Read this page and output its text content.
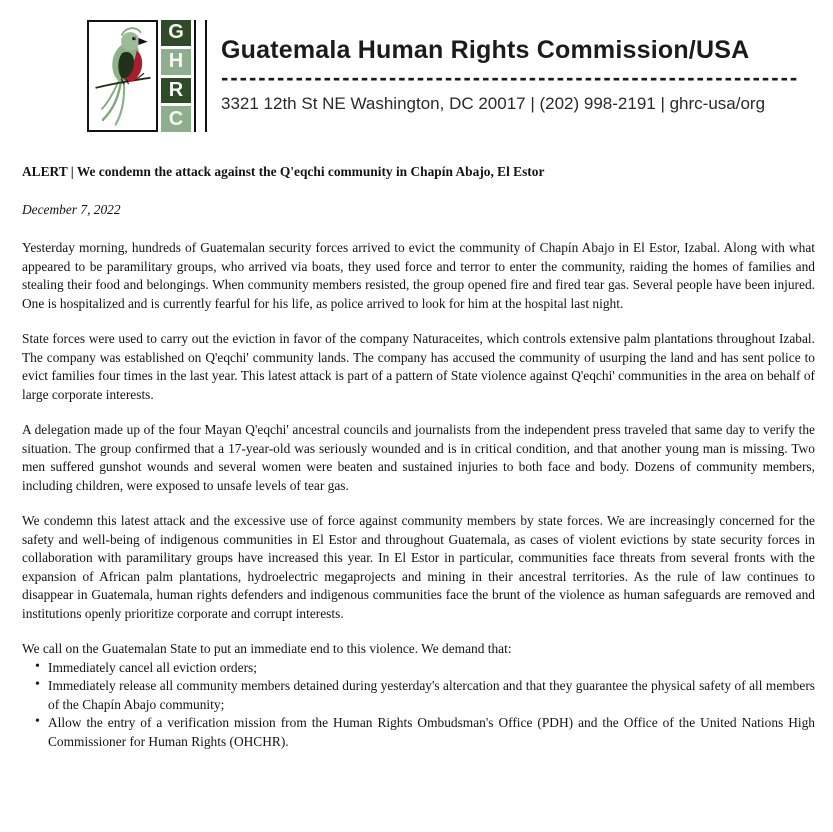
G
H
R
C
Guatemala Human Rights Commission/USA
--------------------------------------------------------------
3321 12th St NE Washington, DC 20017 | (202) 998-2191 | ghrc-usa/org
ALERT | We condemn the attack against the Q'eqchi community in Chapín Abajo, El Estor

December 7, 2022

Yesterday morning, hundreds of Guatemalan security forces arrived to evict the community of Chapín Abajo in El Estor, Izabal. Along with what appeared to be paramilitary groups, who arrived via boats, they used force and terror to enter the community, raiding the homes of families and stealing their food and belongings. When community members resisted, the group opened fire and fired tear gas. Several people have been injured. One is hospitalized and is currently fearful for his life, as police arrived to look for him at the hospital last night.

State forces were used to carry out the eviction in favor of the company Naturaceites, which controls extensive palm plantations throughout Izabal. The company was established on Q'eqchi' community lands. The company has accused the community of usurping the land and has sent police to evict families four times in the last year. This latest attack is part of a pattern of State violence against Q'eqchi' communities in the area on behalf of large corporate interests.

A delegation made up of the four Mayan Q'eqchi' ancestral councils and journalists from the independent press traveled that same day to verify the situation. The group confirmed that a 17-year-old was seriously wounded and is in critical condition, and that another young man is missing. Two men suffered gunshot wounds and several women were beaten and sustained injuries to both face and body. Dozens of community members, including children, were exposed to unsafe levels of tear gas.

We condemn this latest attack and the excessive use of force against community members by state forces. We are increasingly concerned for the safety and well-being of indigenous communities in El Estor and throughout Guatemala, as cases of violent evictions by state security forces in collaboration with paramilitary groups have increased this year. In El Estor in particular, communities face threats from several fronts with the expansion of African palm plantations, hydroelectric megaprojects and mining in their ancestral territories. As the rule of law continues to disappear in Guatemala, human rights defenders and indigenous communities face the brunt of the violence as human safeguards are removed and institutions openly prioritize corporate and corrupt interests.

We call on the Guatemalan State to put an immediate end to this violence. We demand that:

• Immediately cancel all eviction orders;
• Immediately release all community members detained during yesterday's altercation and that they guarantee the physical safety of all members of the Chapín Abajo community;
• Allow the entry of a verification mission from the Human Rights Ombudsman's Office (PDH) and the Office of the United Nations High Commissioner for Human Rights (OHCHR).
